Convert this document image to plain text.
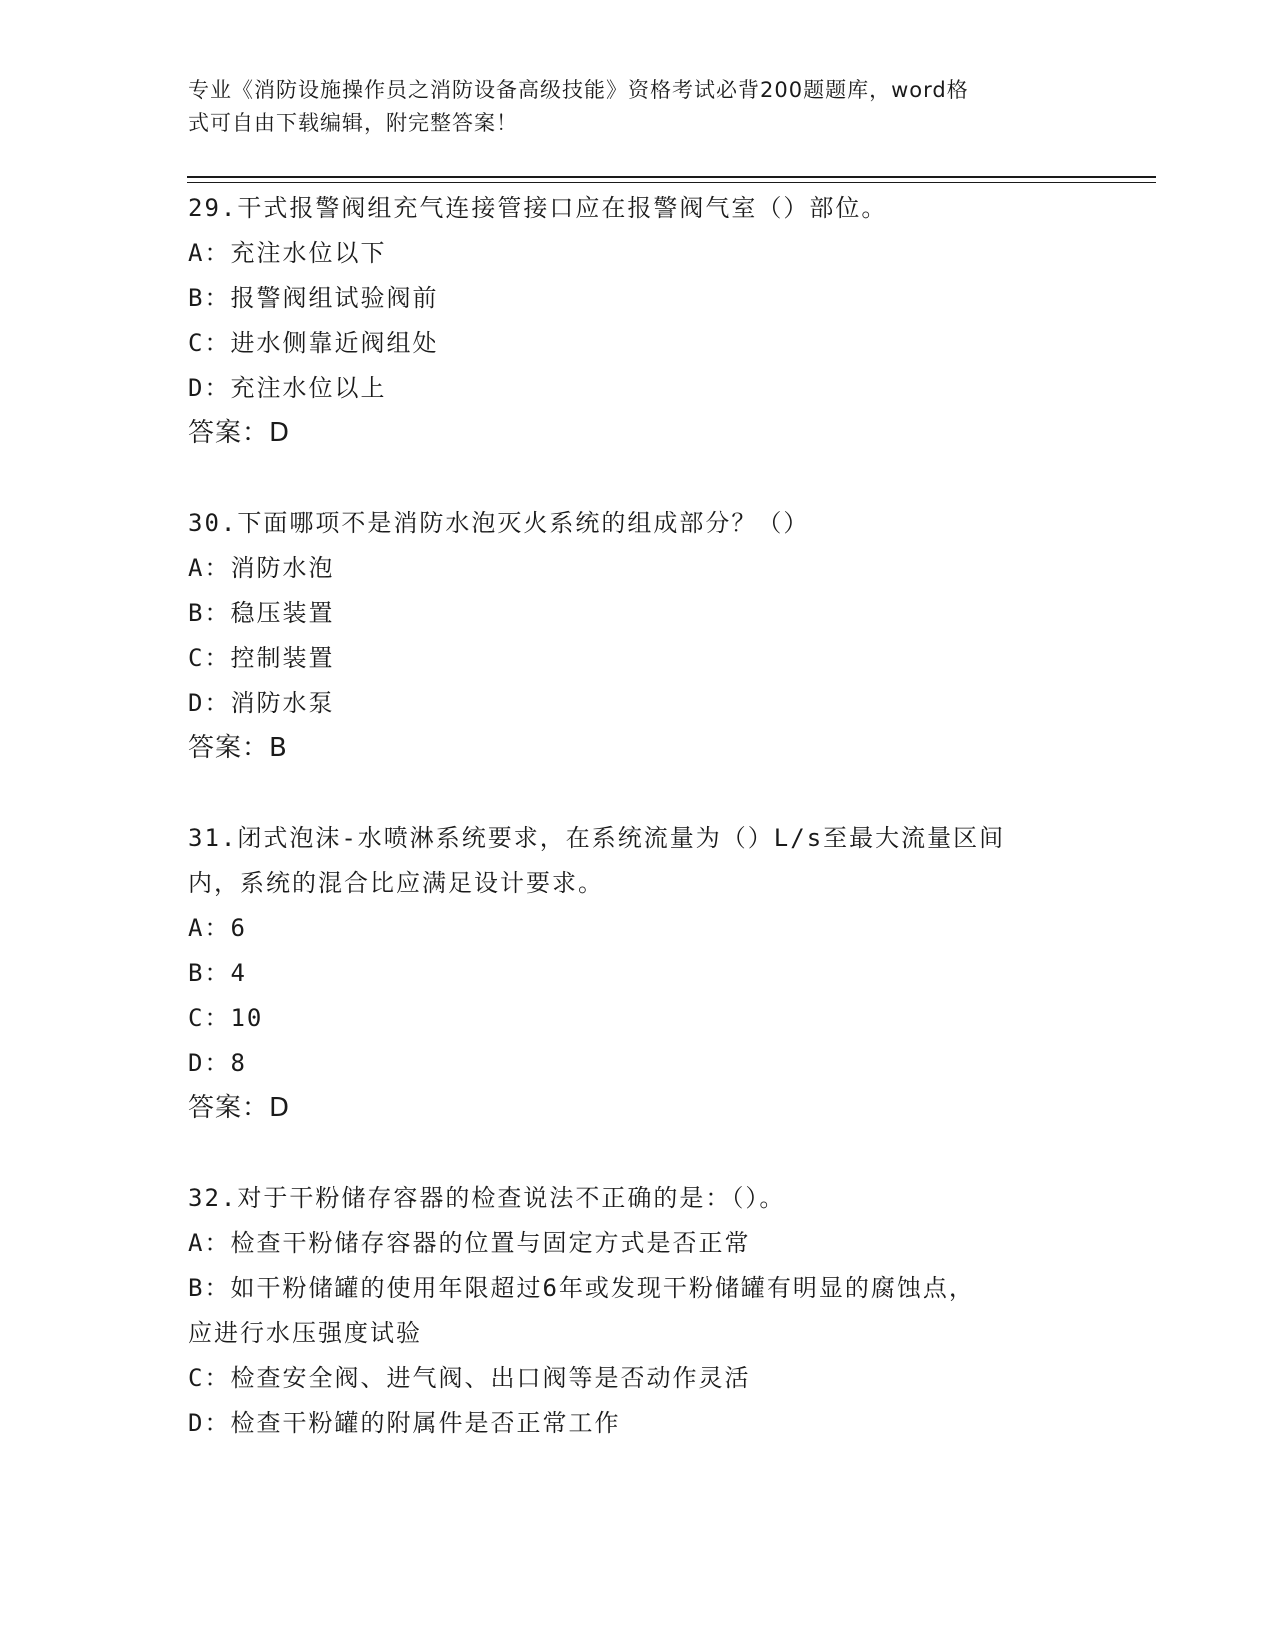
专业《消防设施操作员之消防设备高级技能》资格考试必背200题题库，word格
式可自由下载编辑，附完整答案！
29.干式报警阀组充气连接管接口应在报警阀气室（）部位。
A：充注水位以下
B：报警阀组试验阀前
C：进水侧靠近阀组处
D：充注水位以上
答案：D
30.下面哪项不是消防水泡灭火系统的组成部分？（）
A：消防水泡
B：稳压装置
C：控制装置
D：消防水泵
答案：B
31.闭式泡沫-水喷淋系统要求，在系统流量为（）L/s至最大流量区间
内，系统的混合比应满足设计要求。
A：6
B：4
C：10
D：8
答案：D
32.对于干粉储存容器的检查说法不正确的是：（）。
A：检查干粉储存容器的位置与固定方式是否正常
B：如干粉储罐的使用年限超过6年或发现干粉储罐有明显的腐蚀点，
应进行水压强度试验
C：检查安全阀、进气阀、出口阀等是否动作灵活
D：检查干粉罐的附属件是否正常工作
